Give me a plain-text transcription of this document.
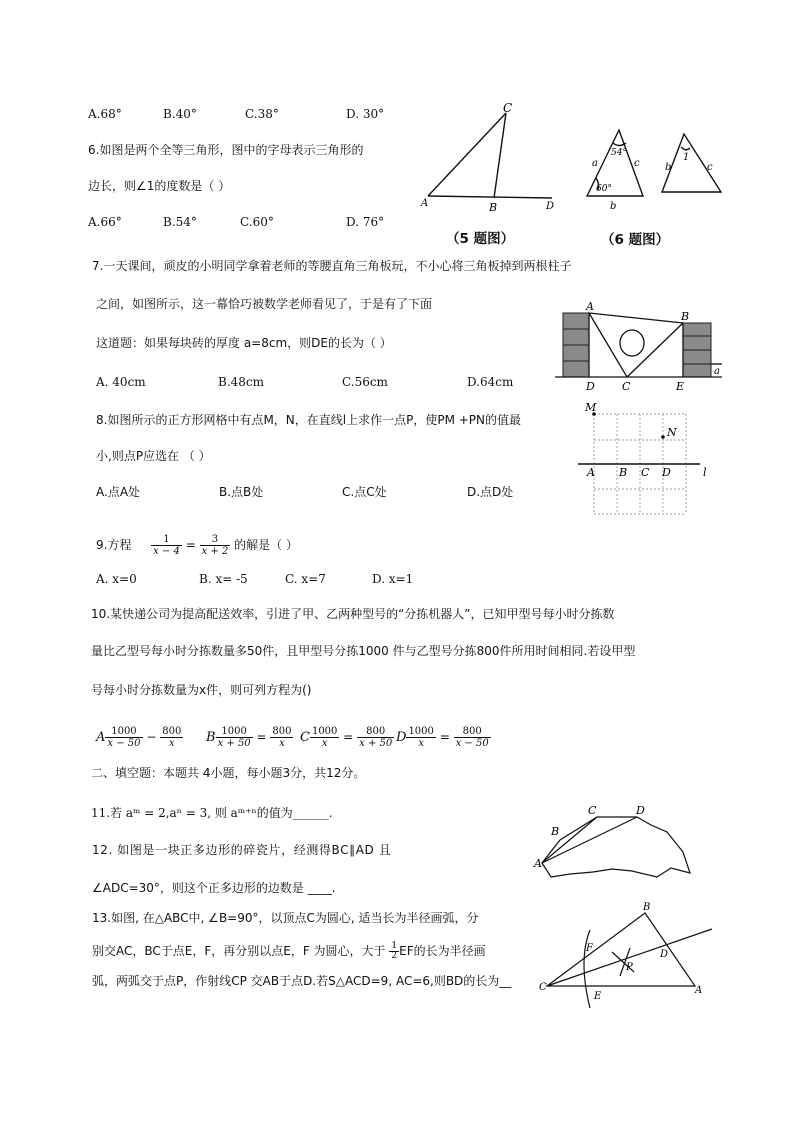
A.68°	B.40°	C.38°	D. 30°
6.如图是两个全等三角形，图中的字母表示三角形的
边长，则∠1的度数是（ ）
A.66°	B.54°	C.60°	D. 76°
C
A	B	D
（5 题图）
54°
60°
a	c
b
b
1
c
（6 题图）
7.一天课间，顽皮的小明同学拿着老师的等腰直角三角板玩，不小心将三角板掉到两根柱子
之间，如图所示，这一幕恰巧被数学老师看见了，于是有了下面
这道题：如果每块砖的厚度 a=8cm，则DE的长为（ ）
A. 40cm	B.48cm	C.56cm	D.64cm
A
B
C
D	E
a
8.如图所示的正方形网格中有点M，N，在直线l上求作一点P，使PM +PN的值最
小,则点P应选在 （ ）
A.点A处	B.点B处	C.点C处	D.点D处
M
N
A B C D	l
9.方程 $\frac{1}{x - 4} = \frac{3}{x + 2}$ 的解是（ ）
A. x=0	B. x= -5	C. x=7	D. x=1
10.某快递公司为提高配送效率，引进了甲、乙两种型号的“分拣机器人”，已知甲型号每小时分拣数
量比乙型号每小时分拣数量多50件，且甲型号分拣1000 件与乙型号分拣800件所用时间相同.若设甲型
号每小时分拣数量为x件，则可列方程为()
A $\frac{1000}{x - 50} - \frac{800}{x}$ B $\frac{1000}{x + 50} = \frac{800}{x}$ C $\frac{1000}{x} = \frac{800}{x + 50}$ D $\frac{1000}{x} = \frac{800}{x - 50}$
二、填空题：本题共 4小题，每小题3分，共12分。
11.若 aᵐ = 2,aⁿ = 3, 则 aᵐ⁺ⁿ的值为______.
12. 如图是一块正多边形的碎瓷片，经测得BC∥AD 且
∠ADC=30°，则这个正多边形的边数是 ____.
A
B
C	D
13.如图, 在△ABC中, ∠B=90°，以顶点C为圆心, 适当长为半径画弧，分
别交AC，BC于点E，F，再分别以点E，F 为圆心，大于 $\frac{1}{2}$ EF的长为半径画
弧，两弧交于点P，作射线CP 交AB于点D.若S△ACD=9, AC=6,则BD的长为__
B
F
P
D
C
E
A
